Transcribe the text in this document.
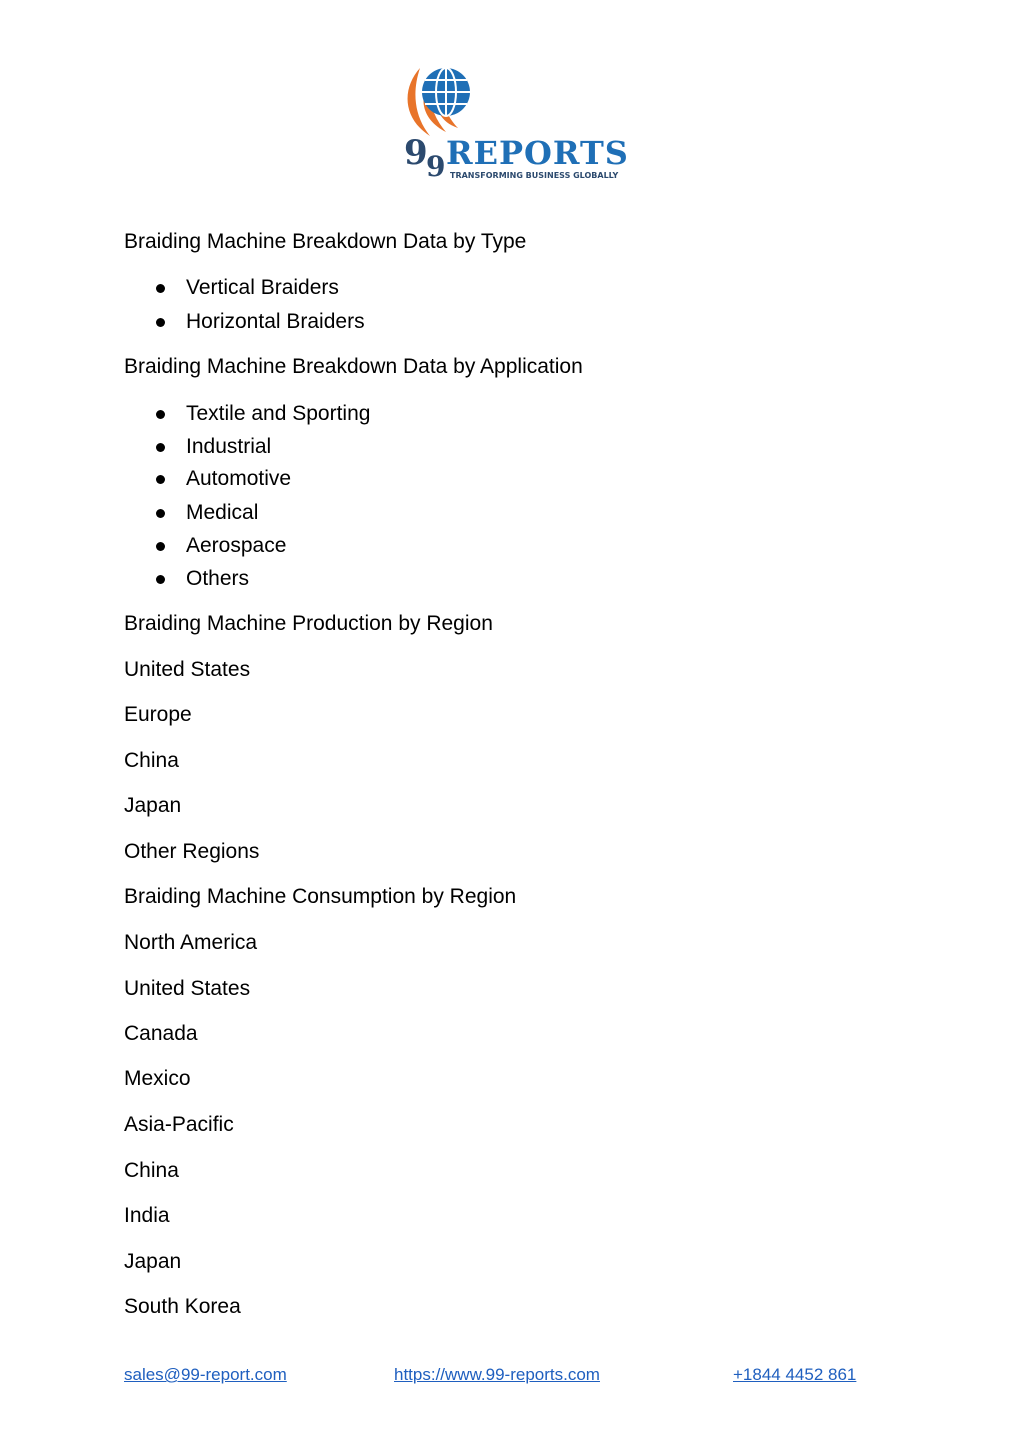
9
9 REPORTS
TRANSFORMING BUSINESS GLOBALLY
Braiding Machine Breakdown Data by Type
Vertical Braiders
Horizontal Braiders
Braiding Machine Breakdown Data by Application
Textile and Sporting
Industrial
Automotive
Medical
Aerospace
Others
Braiding Machine Production by Region
United States
Europe
China
Japan
Other Regions
Braiding Machine Consumption by Region
North America
United States
Canada
Mexico
Asia-Pacific
China
India
Japan
South Korea
sales@99-report.com	https://www.99-reports.com	+1844 4452 861
